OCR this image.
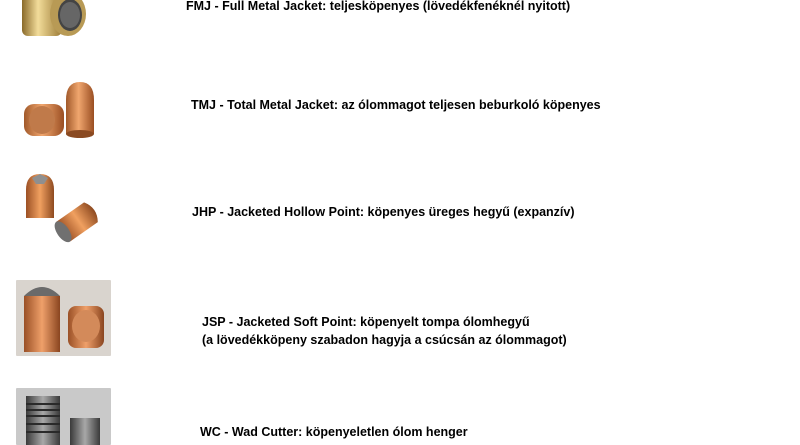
FMJ - Full Metal Jacket: teljesköpenyes (lövedékfenéknél nyitott)
TMJ - Total Metal Jacket: az ólommagot teljesen beburkoló köpenyes
JHP - Jacketed Hollow Point: köpenyes üreges hegyű (expanzív)
JSP - Jacketed Soft Point: köpenyelt tompa ólomhegyű
(a lövedékköpeny szabadon hagyja a csúcsán az ólommagot)
WC - Wad Cutter: köpenyeletlen ólom henger
